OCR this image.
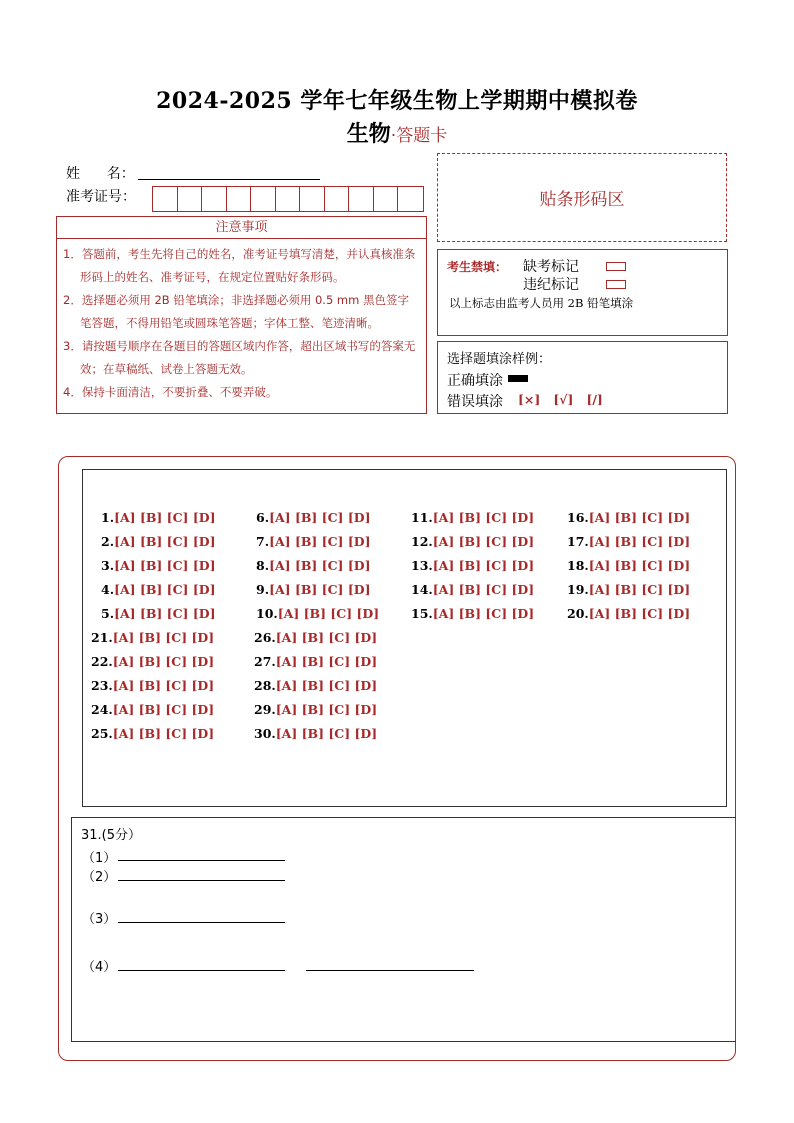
2024-2025 学年七年级生物上学期期中模拟卷
生物·答题卡
姓      名：
准考证号：	贴条形码区
注意事项
1．答题前，考生先将自己的姓名，准考证号填写清楚，并认真核准条形码上的姓名、准考证号，在规定位置贴好条形码。
2．选择题必须用 2B 铅笔填涂；非选择题必须用 0.5 mm 黑色签字笔答题，不得用铅笔或圆珠笔答题；字体工整、笔迹清晰。
3．请按题号顺序在各题目的答题区域内作答，超出区域书写的答案无效；在草稿纸、试卷上答题无效。
4．保持卡面清洁，不要折叠、不要弄破。
考生禁填： 缺考标记
违纪标记
以上标志由监考人员用 2B 铅笔填涂
选择题填涂样例：
正确填涂
错误填涂 [×]   [√]   [/]
1.[A] [B] [C] [D]
2.[A] [B] [C] [D]
3.[A] [B] [C] [D]
4.[A] [B] [C] [D]
5.[A] [B] [C] [D]
6.[A] [B] [C] [D]
7.[A] [B] [C] [D]
8.[A] [B] [C] [D]
9.[A] [B] [C] [D]
10.[A] [B] [C] [D]
11.[A] [B] [C] [D]
12.[A] [B] [C] [D]
13.[A] [B] [C] [D]
14.[A] [B] [C] [D]
15.[A] [B] [C] [D]
16.[A] [B] [C] [D]
17.[A] [B] [C] [D]
18.[A] [B] [C] [D]
19.[A] [B] [C] [D]
20.[A] [B] [C] [D]
21.[A] [B] [C] [D]
22.[A] [B] [C] [D]
23.[A] [B] [C] [D]
24.[A] [B] [C] [D]
25.[A] [B] [C] [D]
26.[A] [B] [C] [D]
27.[A] [B] [C] [D]
28.[A] [B] [C] [D]
29.[A] [B] [C] [D]
30.[A] [B] [C] [D]
31.(5分）
（1）
（2）
（3）
（4）
